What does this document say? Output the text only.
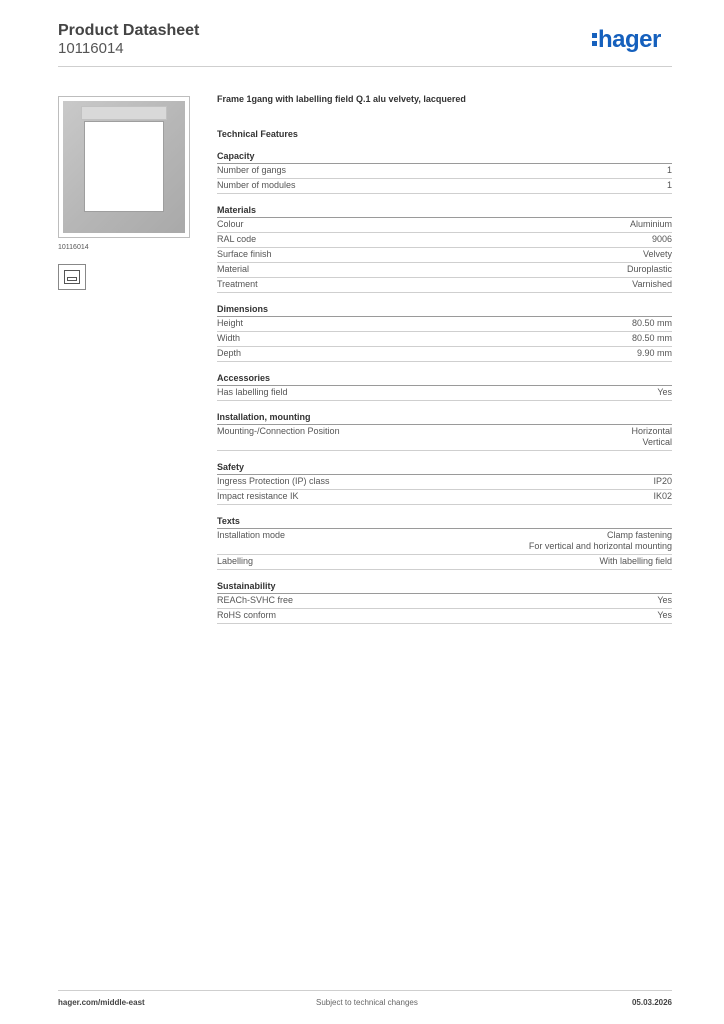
Product Datasheet
10116014	hager
10116014
Frame 1gang with labelling field Q.1 alu velvety, lacquered
Technical Features
Capacity
Number of gangs	1
Number of modules	1
Materials
Colour	Aluminium
RAL code	9006
Surface finish	Velvety
Material	Duroplastic
Treatment	Varnished
Dimensions
Height	80.50 mm
Width	80.50 mm
Depth	9.90 mm
Accessories
Has labelling field	Yes
Installation, mounting
Mounting-/Connection Position	Horizontal
Vertical
Safety
Ingress Protection (IP) class	IP20
Impact resistance IK	IK02
Texts
Installation mode	Clamp fastening
For vertical and horizontal mounting
Labelling	With labelling field
Sustainability
REACh-SVHC free	Yes
RoHS conform	Yes
hager.com/middle-east	Subject to technical changes	05.03.2026
